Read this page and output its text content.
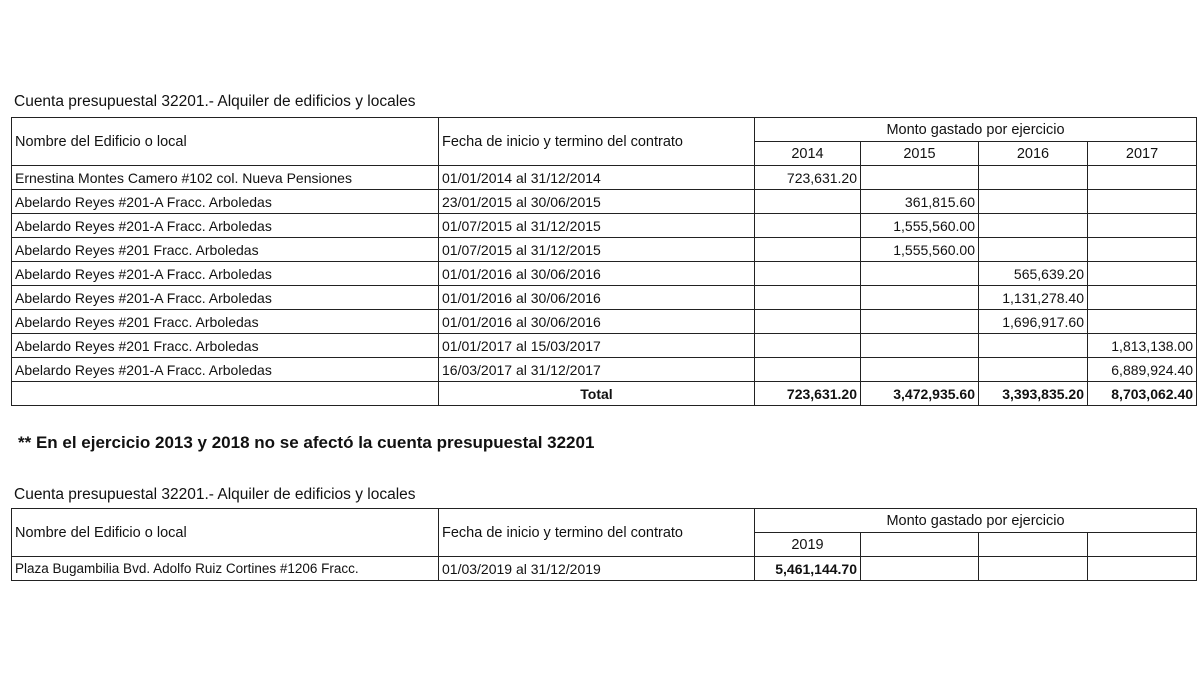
Cuenta presupuestal 32201.- Alquiler de edificios y locales
Nombre del Edificio o local	Fecha de inicio y termino del contrato	Monto gastado por ejercicio			
		2014	2015	2016	2017
Ernestina Montes Camero #102 col. Nueva Pensiones	01/01/2014 al 31/12/2014	723,631.20			
Abelardo Reyes #201-A Fracc. Arboledas	23/01/2015 al 30/06/2015		361,815.60		
Abelardo Reyes #201-A Fracc. Arboledas	01/07/2015 al 31/12/2015		1,555,560.00		
Abelardo Reyes #201 Fracc. Arboledas	01/07/2015 al 31/12/2015		1,555,560.00		
Abelardo Reyes #201-A Fracc. Arboledas	01/01/2016 al 30/06/2016			565,639.20	
Abelardo Reyes #201-A Fracc. Arboledas	01/01/2016 al 30/06/2016			1,131,278.40	
Abelardo Reyes #201 Fracc. Arboledas	01/01/2016 al 30/06/2016			1,696,917.60	
Abelardo Reyes #201 Fracc. Arboledas	01/01/2017 al 15/03/2017				1,813,138.00
Abelardo Reyes #201-A Fracc. Arboledas	16/03/2017 al 31/12/2017				6,889,924.40
	Total	723,631.20	3,472,935.60	3,393,835.20	8,703,062.40
** En el ejercicio 2013 y 2018 no se afectó la cuenta presupuestal 32201
Cuenta presupuestal 32201.- Alquiler de edificios y locales
Nombre del Edificio o local	Fecha de inicio y termino del contrato	Monto gastado por ejercicio			
		2019			
Plaza Bugambilia Bvd. Adolfo Ruiz Cortines #1206 Fracc.	01/03/2019 al 31/12/2019	5,461,144.70			
